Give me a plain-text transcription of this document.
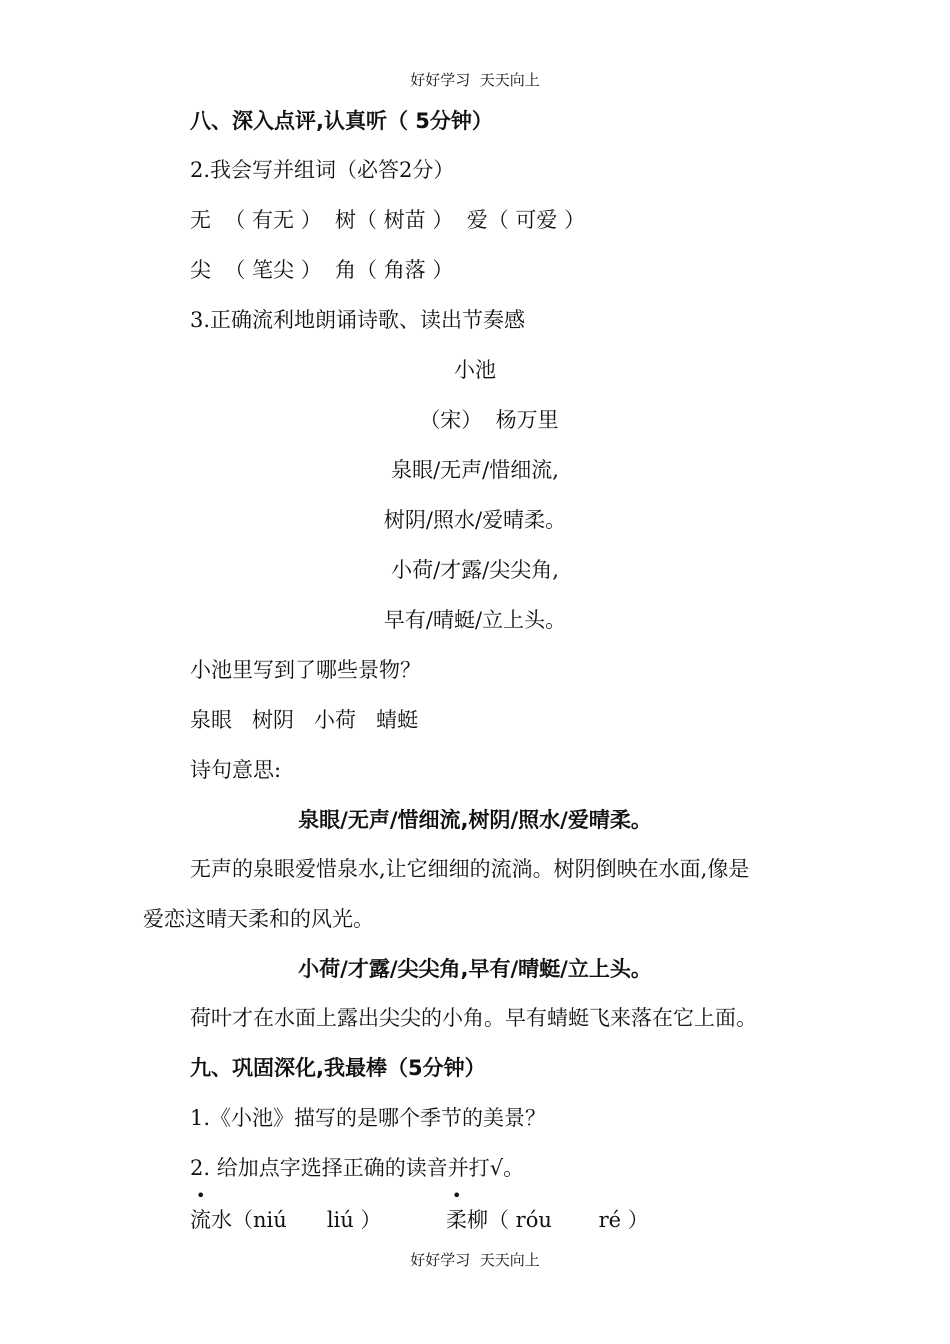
好好学习  天天向上
八、深入点评,认真听（ 5分钟）
2.我会写并组词（必答2分）
无  （ 有无 ）  树（ 树苗 ）  爱（ 可爱 ）
尖  （ 笔尖 ）  角（ 角落 ）
3.正确流利地朗诵诗歌、读出节奏感
小池
（宋）  杨万里
泉眼/无声/惜细流,
树阴/照水/爱晴柔。
小荷/才露/尖尖角,
早有/晴蜓/立上头。
小池里写到了哪些景物？
泉眼   树阴   小荷   蜻蜓
诗句意思:
泉眼/无声/惜细流,树阴/照水/爱晴柔。
无声的泉眼爱惜泉水,让它细细的流淌。树阴倒映在水面,像是
爱恋这晴天柔和的风光。
小荷/才露/尖尖角,早有/晴蜓/立上头。
荷叶才在水面上露出尖尖的小角。早有蜻蜓飞来落在它上面。
九、巩固深化,我最棒（5分钟）
1.《小池》描写的是哪个季节的美景？
2. 给加点字选择正确的读音并打√。
•
流水（niú      liú ）
•
柔柳（ róu       ré ）
好好学习  天天向上
